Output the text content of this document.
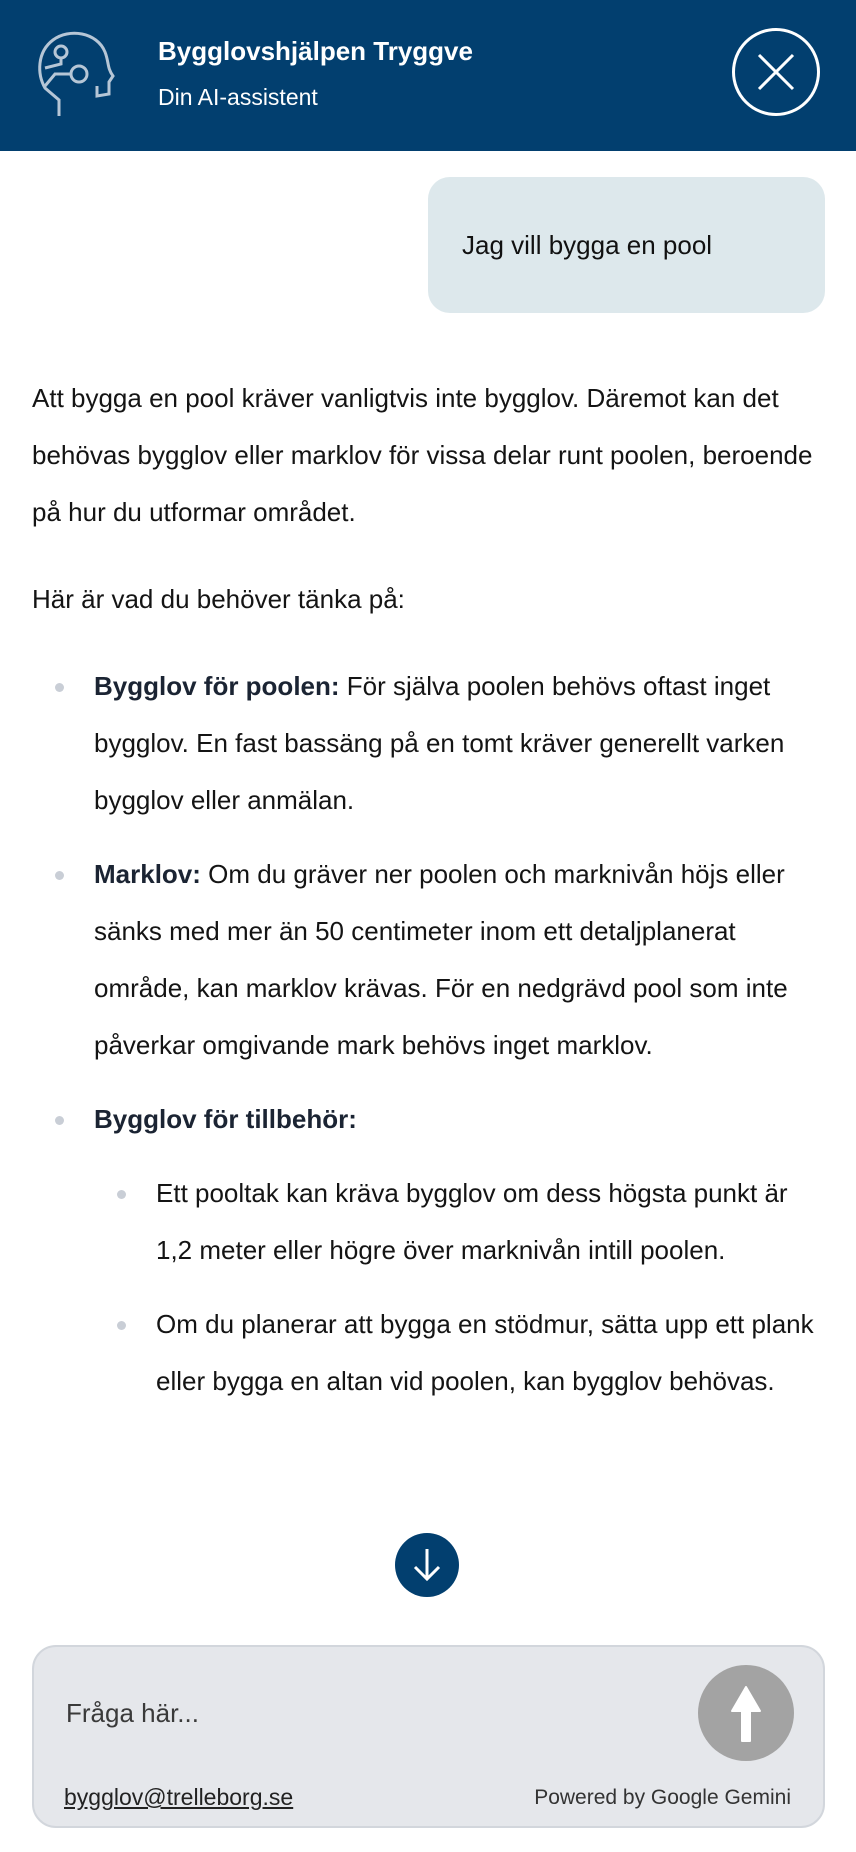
Bygglovshjälpen Tryggve
Din AI-assistent
Jag vill bygga en pool

Att bygga en pool kräver vanligtvis inte bygglov. Däremot kan det behövas bygglov eller marklov för vissa delar runt poolen, beroende på hur du utformar området.

Här är vad du behöver tänka på:

Bygglov för poolen: För själva poolen behövs oftast inget bygglov. En fast bassäng på en tomt kräver generellt varken bygglov eller anmälan.
Marklov: Om du gräver ner poolen och marknivån höjs eller sänks med mer än 50 centimeter inom ett detaljplanerat område, kan marklov krävas. För en nedgrävd pool som inte påverkar omgivande mark behövs inget marklov.
Bygglov för tillbehör:
Ett pooltak kan kräva bygglov om dess högsta punkt är 1,2 meter eller högre över marknivån intill poolen.
Om du planerar att bygga en stödmur, sätta upp ett plank eller bygga en altan vid poolen, kan bygglov behövas.
Fråga här...
bygglov@trelleborg.se	Powered by Google Gemini
